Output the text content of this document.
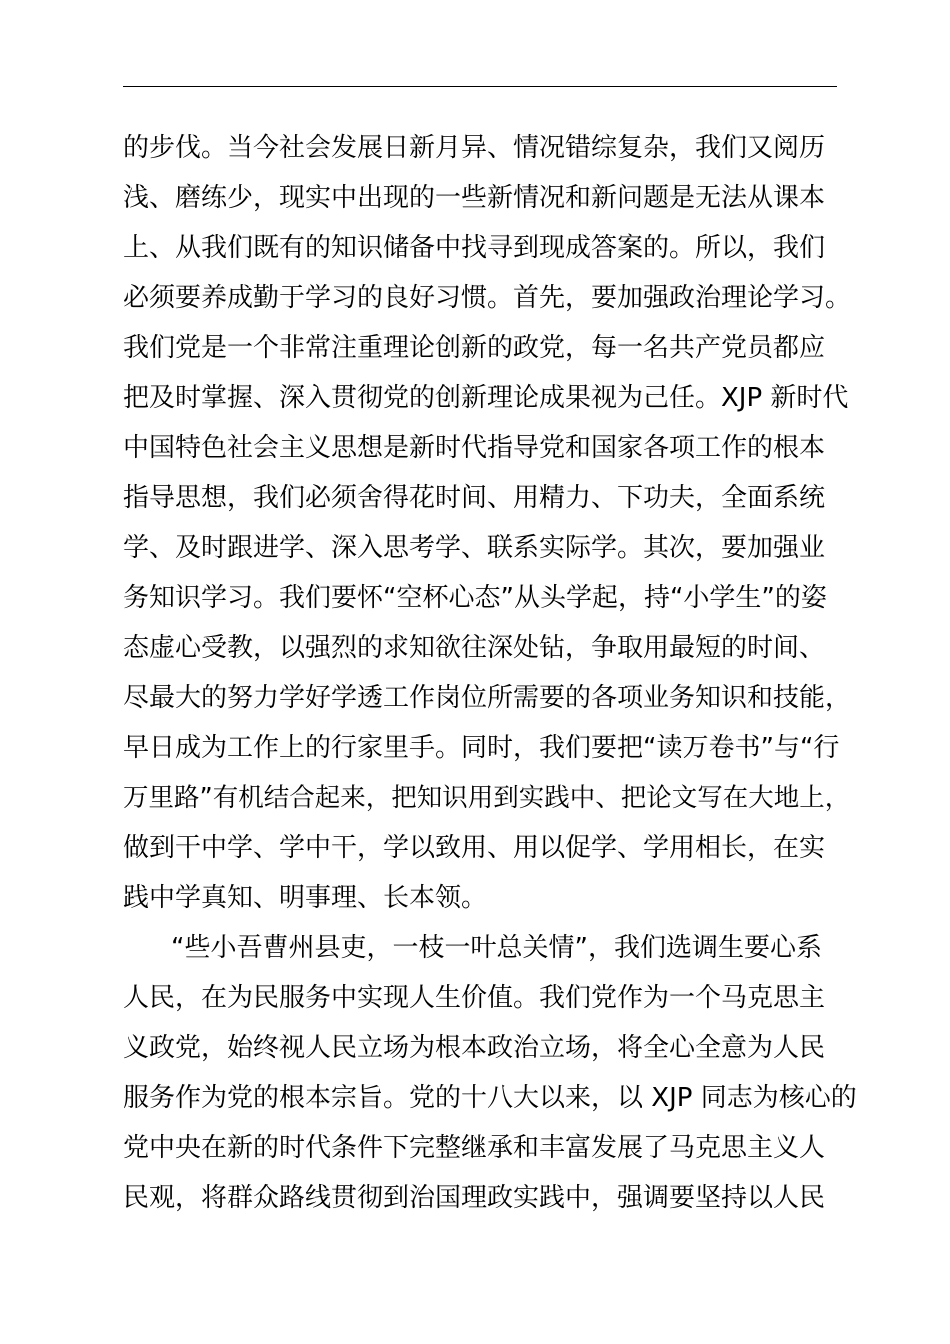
的步伐。当今社会发展日新月异、情况错综复杂，我们又阅历
浅、磨练少，现实中出现的一些新情况和新问题是无法从课本
上、从我们既有的知识储备中找寻到现成答案的。所以，我们
必须要养成勤于学习的良好习惯。首先，要加强政治理论学习。
我们党是一个非常注重理论创新的政党，每一名共产党员都应
把及时掌握、深入贯彻党的创新理论成果视为己任。XJP 新时代
中国特色社会主义思想是新时代指导党和国家各项工作的根本
指导思想，我们必须舍得花时间、用精力、下功夫，全面系统
学、及时跟进学、深入思考学、联系实际学。其次，要加强业
务知识学习。我们要怀“空杯心态”从头学起，持“小学生”的姿
态虚心受教，以强烈的求知欲往深处钻，争取用最短的时间、
尽最大的努力学好学透工作岗位所需要的各项业务知识和技能，
早日成为工作上的行家里手。同时，我们要把“读万卷书”与“行
万里路”有机结合起来，把知识用到实践中、把论文写在大地上，
做到干中学、学中干，学以致用、用以促学、学用相长，在实
践中学真知、明事理、长本领。
“些小吾曹州县吏，一枝一叶总关情”，我们选调生要心系
人民，在为民服务中实现人生价值。我们党作为一个马克思主
义政党，始终视人民立场为根本政治立场，将全心全意为人民
服务作为党的根本宗旨。党的十八大以来，以 XJP 同志为核心的
党中央在新的时代条件下完整继承和丰富发展了马克思主义人
民观，将群众路线贯彻到治国理政实践中，强调要坚持以人民
